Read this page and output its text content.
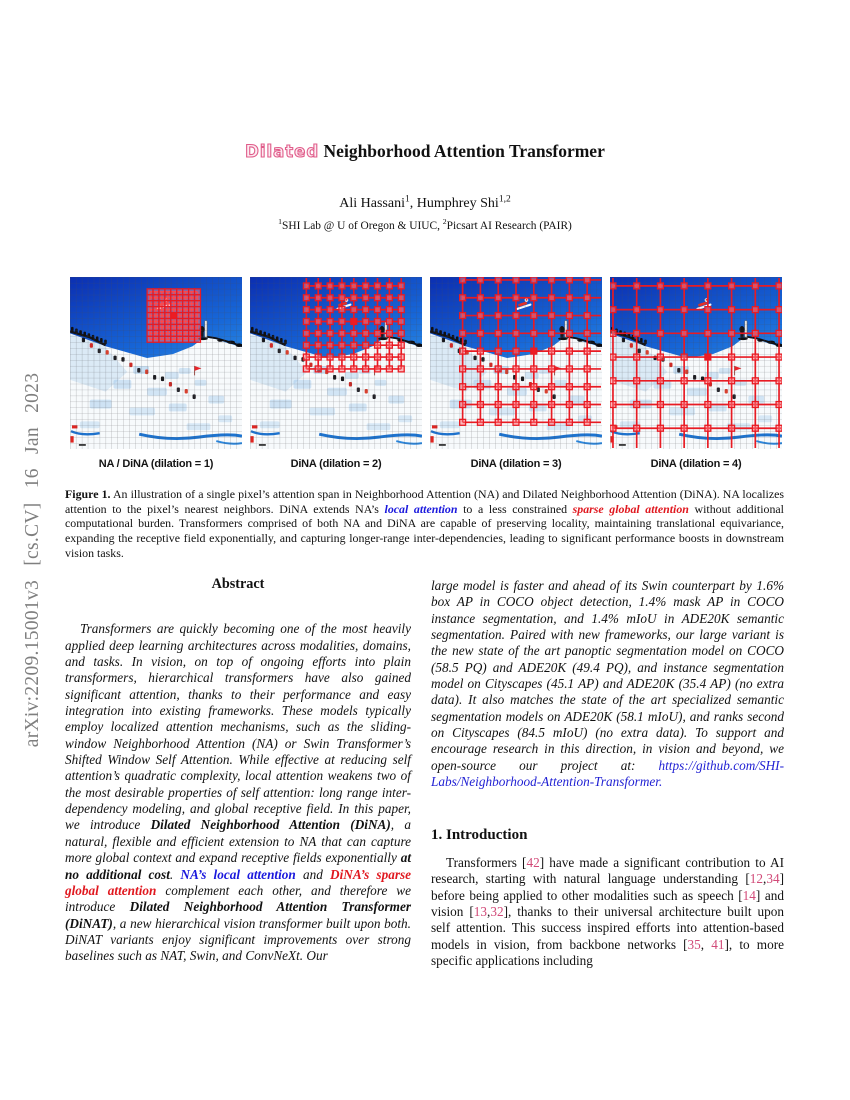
arXiv:2209.15001v3 [cs.CV] 16 Jan 2023
Dilated Neighborhood Attention Transformer
Ali Hassani$^1$, Humphrey Shi$^{1,2}$
$^1$SHI Lab @ U of Oregon & UIUC, $^2$Picsart AI Research (PAIR)
NA / DiNA (dilation = 1)	DiNA (dilation = 2)	DiNA (dilation = 3)	DiNA (dilation = 4)
Figure 1. An illustration of a single pixel’s attention span in Neighborhood Attention (NA) and Dilated Neighborhood Attention (DiNA). NA localizes attention to the pixel’s nearest neighbors. DiNA extends NA’s local attention to a less constrained sparse global attention without additional computational burden. Transformers comprised of both NA and DiNA are capable of preserving locality, maintaining translational equivariance, expanding the receptive field exponentially, and capturing longer-range inter-dependencies, leading to significant performance boosts in downstream vision tasks.
Abstract

Transformers are quickly becoming one of the most heavily applied deep learning architectures across modalities, domains, and tasks. In vision, on top of ongoing efforts into plain transformers, hierarchical transformers have also gained significant attention, thanks to their performance and easy integration into existing frameworks. These models typically employ localized attention mechanisms, such as the sliding-window Neighborhood Attention (NA) or Swin Transformer’s Shifted Window Self Attention. While effective at reducing self attention’s quadratic complexity, local attention weakens two of the most desirable properties of self attention: long range inter-dependency modeling, and global receptive field. In this paper, we introduce Dilated Neighborhood Attention (DiNA), a natural, flexible and efficient extension to NA that can capture more global context and expand receptive fields exponentially at no additional cost. NA’s local attention and DiNA’s sparse global attention complement each other, and therefore we introduce Dilated Neighborhood Attention Transformer (DiNAT), a new hierarchical vision transformer built upon both. DiNAT variants enjoy significant improvements over strong baselines such as NAT, Swin, and ConvNeXt. Our

large model is faster and ahead of its Swin counterpart by 1.6% box AP in COCO object detection, 1.4% mask AP in COCO instance segmentation, and 1.4% mIoU in ADE20K semantic segmentation. Paired with new frameworks, our large variant is the new state of the art panoptic segmentation model on COCO (58.5 PQ) and ADE20K (49.4 PQ), and instance segmentation model on Cityscapes (45.1 AP) and ADE20K (35.4 AP) (no extra data). It also matches the state of the art specialized semantic segmentation models on ADE20K (58.1 mIoU), and ranks second on Cityscapes (84.5 mIoU) (no extra data). To support and encourage research in this direction, in vision and beyond, we open-source our project at: https://github.com/SHI-Labs/Neighborhood-Attention-Transformer.

1. Introduction

Transformers [42] have made a significant contribution to AI research, starting with natural language understanding [12,34] before being applied to other modalities such as speech [14] and vision [13,32], thanks to their universal architecture built upon self attention. This success inspired efforts into attention-based models in vision, from backbone networks [35, 41], to more specific applications including
